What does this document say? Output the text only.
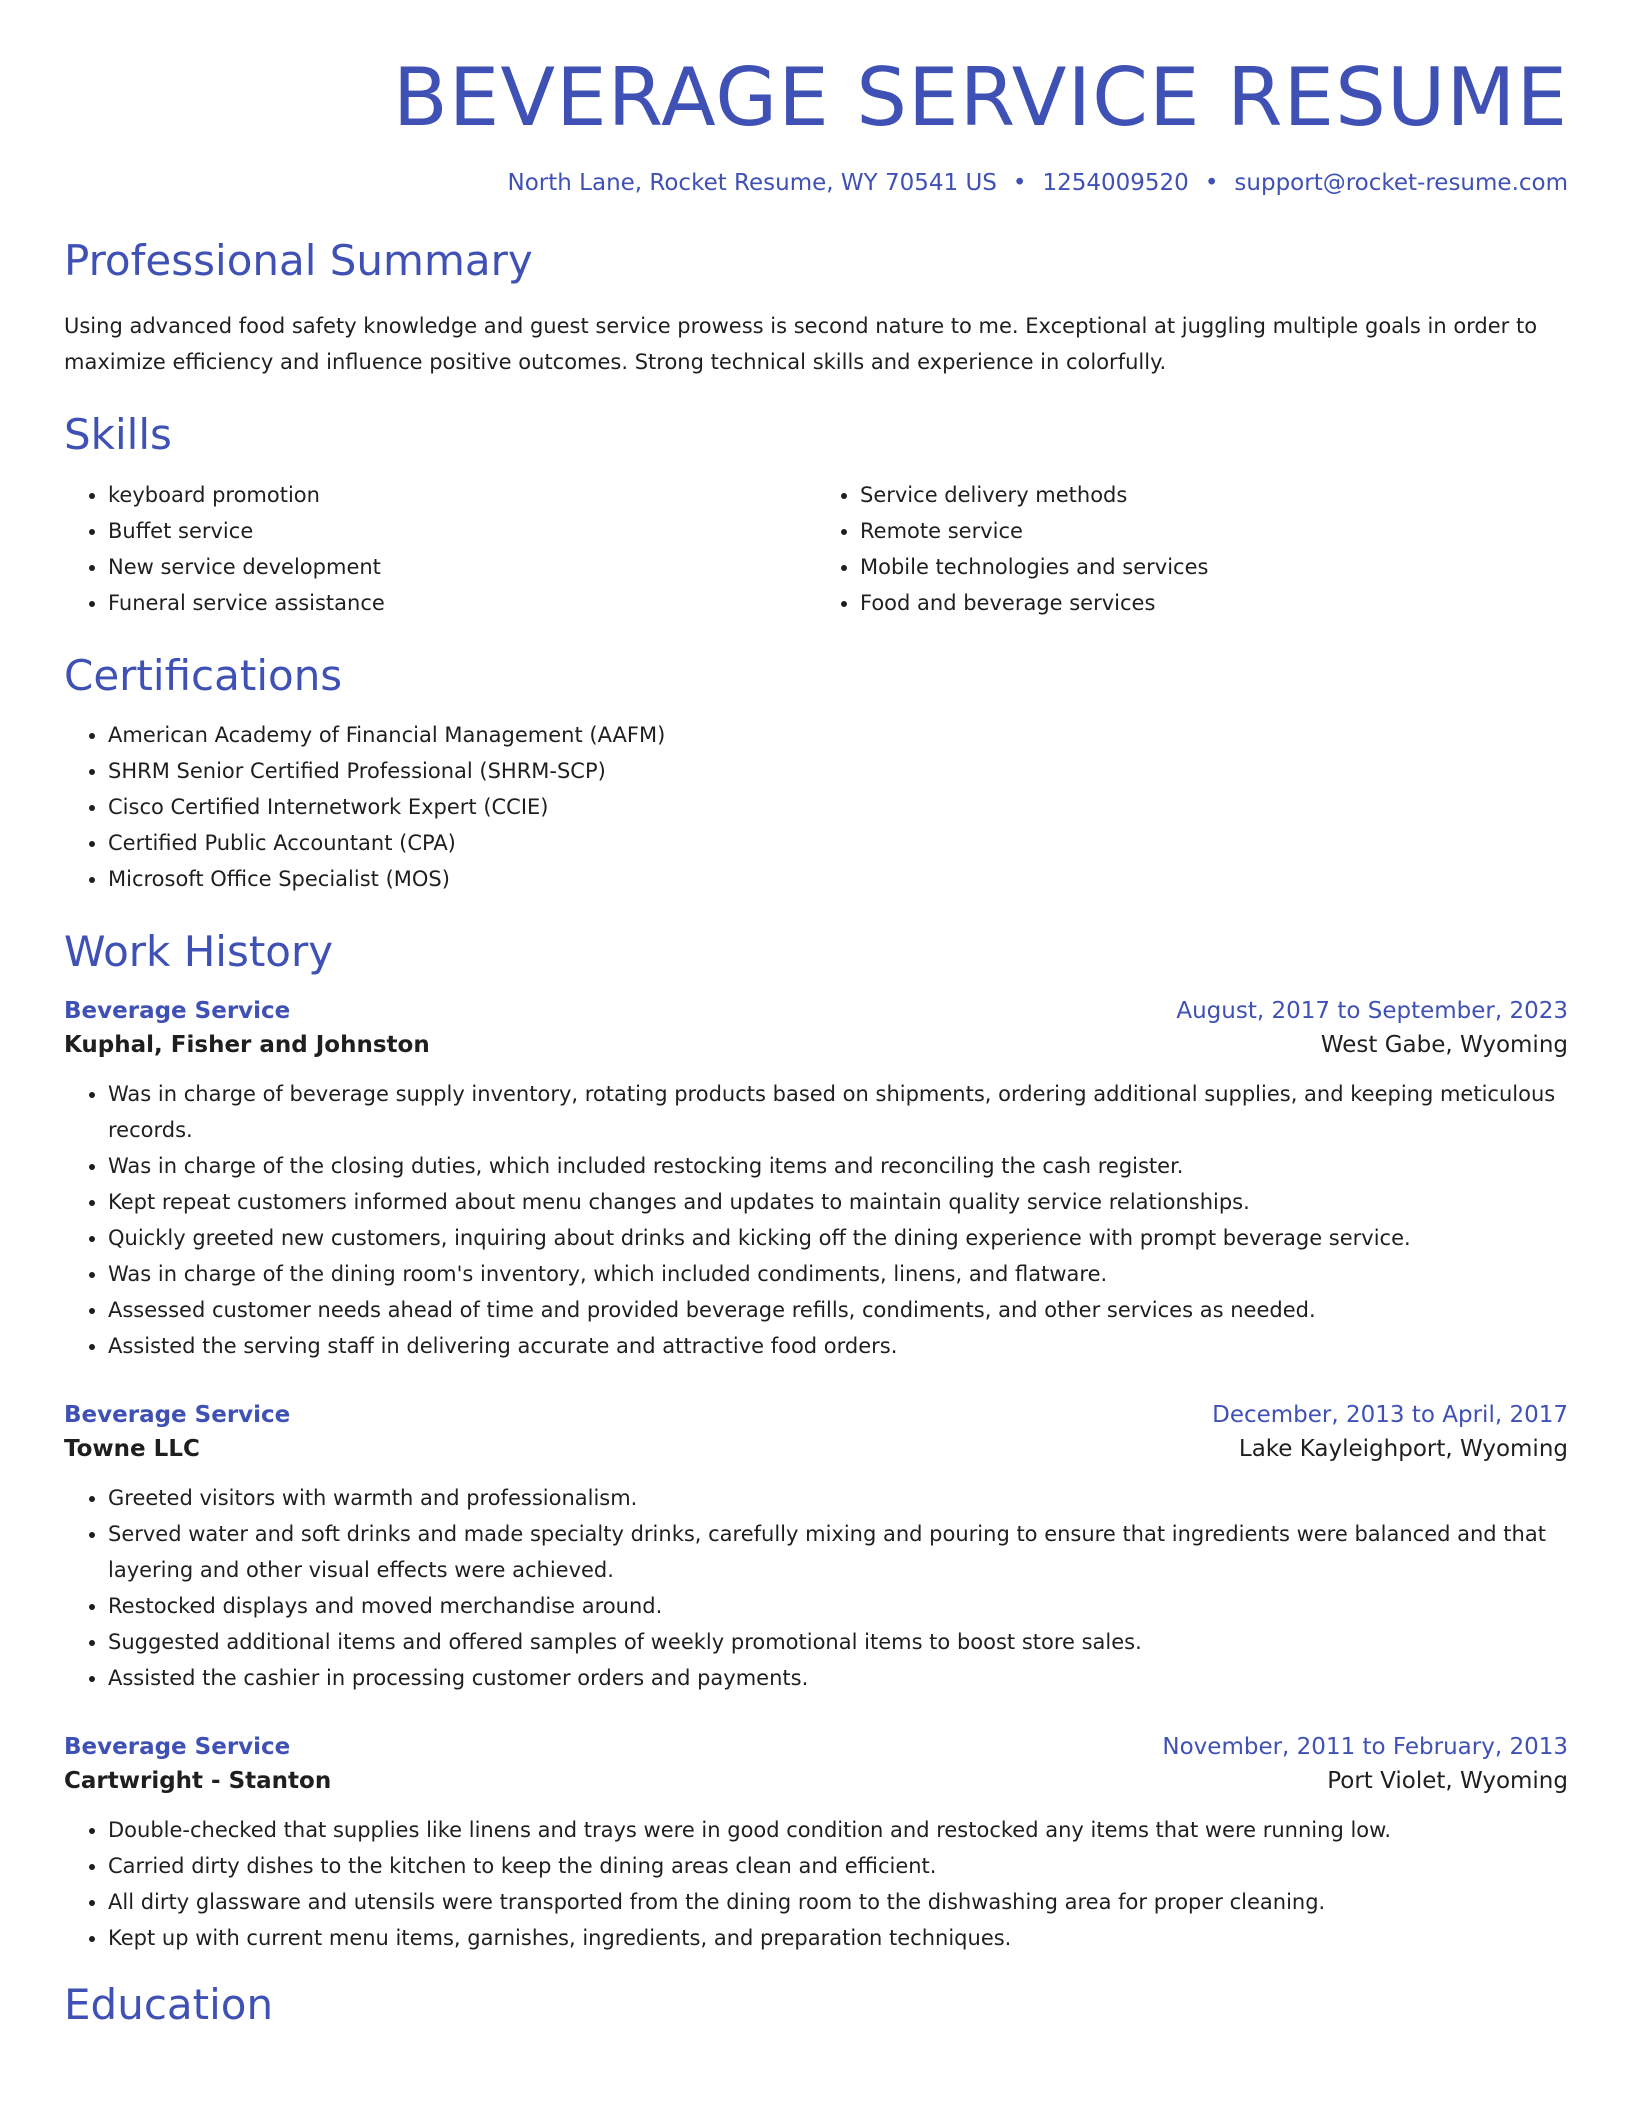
BEVERAGE SERVICE RESUME
North Lane, Rocket Resume, WY 70541 US • 1254009520 • support@rocket-resume.com
Professional Summary

Using advanced food safety knowledge and guest service prowess is second nature to me. Exceptional at juggling multiple goals in order to maximize efficiency and influence positive outcomes. Strong technical skills and experience in colorfully.

Skills
• keyboard promotion
• Buffet service
• New service development
• Funeral service assistance
• Service delivery methods
• Remote service
• Mobile technologies and services
• Food and beverage services
Certifications
• American Academy of Financial Management (AAFM)
• SHRM Senior Certified Professional (SHRM-SCP)
• Cisco Certified Internetwork Expert (CCIE)
• Certified Public Accountant (CPA)
• Microsoft Office Specialist (MOS)
Work History
Beverage Service	August, 2017 to September, 2023
Kuphal, Fisher and Johnston	West Gabe, Wyoming
• Was in charge of beverage supply inventory, rotating products based on shipments, ordering additional supplies, and keeping meticulous records.
• Was in charge of the closing duties, which included restocking items and reconciling the cash register.
• Kept repeat customers informed about menu changes and updates to maintain quality service relationships.
• Quickly greeted new customers, inquiring about drinks and kicking off the dining experience with prompt beverage service.
• Was in charge of the dining room's inventory, which included condiments, linens, and flatware.
• Assessed customer needs ahead of time and provided beverage refills, condiments, and other services as needed.
• Assisted the serving staff in delivering accurate and attractive food orders.
Beverage Service	December, 2013 to April, 2017
Towne LLC	Lake Kayleighport, Wyoming
• Greeted visitors with warmth and professionalism.
• Served water and soft drinks and made specialty drinks, carefully mixing and pouring to ensure that ingredients were balanced and that layering and other visual effects were achieved.
• Restocked displays and moved merchandise around.
• Suggested additional items and offered samples of weekly promotional items to boost store sales.
• Assisted the cashier in processing customer orders and payments.
Beverage Service	November, 2011 to February, 2013
Cartwright - Stanton	Port Violet, Wyoming
• Double-checked that supplies like linens and trays were in good condition and restocked any items that were running low.
• Carried dirty dishes to the kitchen to keep the dining areas clean and efficient.
• All dirty glassware and utensils were transported from the dining room to the dishwashing area for proper cleaning.
• Kept up with current menu items, garnishes, ingredients, and preparation techniques.
Education
